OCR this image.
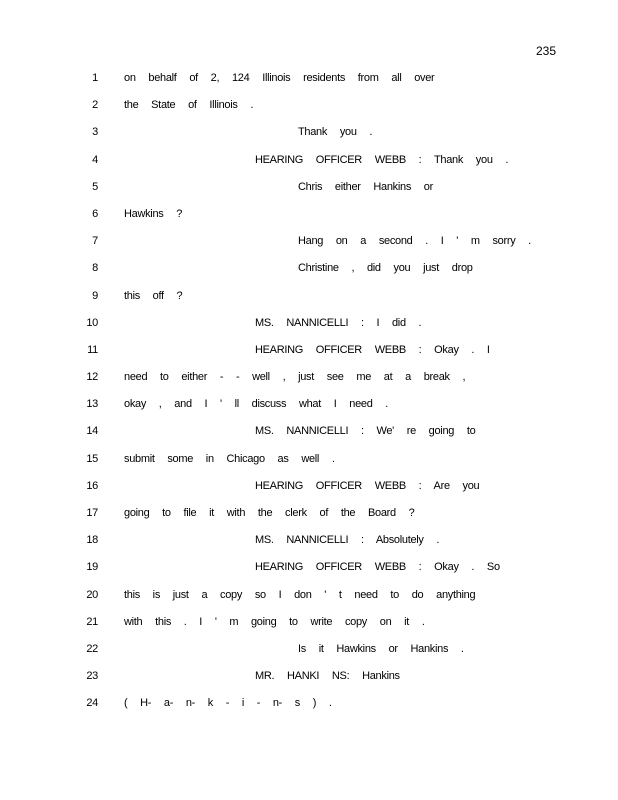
235
1 on behalf of 2, 124 Illinois residents from all over
2 the State of Illinois .
3	Thank you .
4	HEARING OFFICER WEBB : Thank you .
5	Chris either Hankins or
6 Hawkins ?
7	Hang on a second . I ' m sorry .
8	Christine , did you just drop
9 this off ?
10	MS. NANNICELLI : I did .
11	HEARING OFFICER WEBB : Okay . I
12 need to either - - well , just see me at a break ,
13 okay , and I ' ll discuss what I need .
14	MS. NANNICELLI : We' re going to
15 submit some in Chicago as well .
16	HEARING OFFICER WEBB : Are you
17 going to file it with the clerk of the Board ?
18	MS. NANNICELLI : Absolutely .
19	HEARING OFFICER WEBB : Okay . So
20 this is just a copy so I don ' t need to do anything
21 with this . I ' m going to write copy on it .
22	Is it Hawkins or Hankins .
23	MR. HANKI NS: Hankins
24 ( H- a- n- k - i - n- s ) .
